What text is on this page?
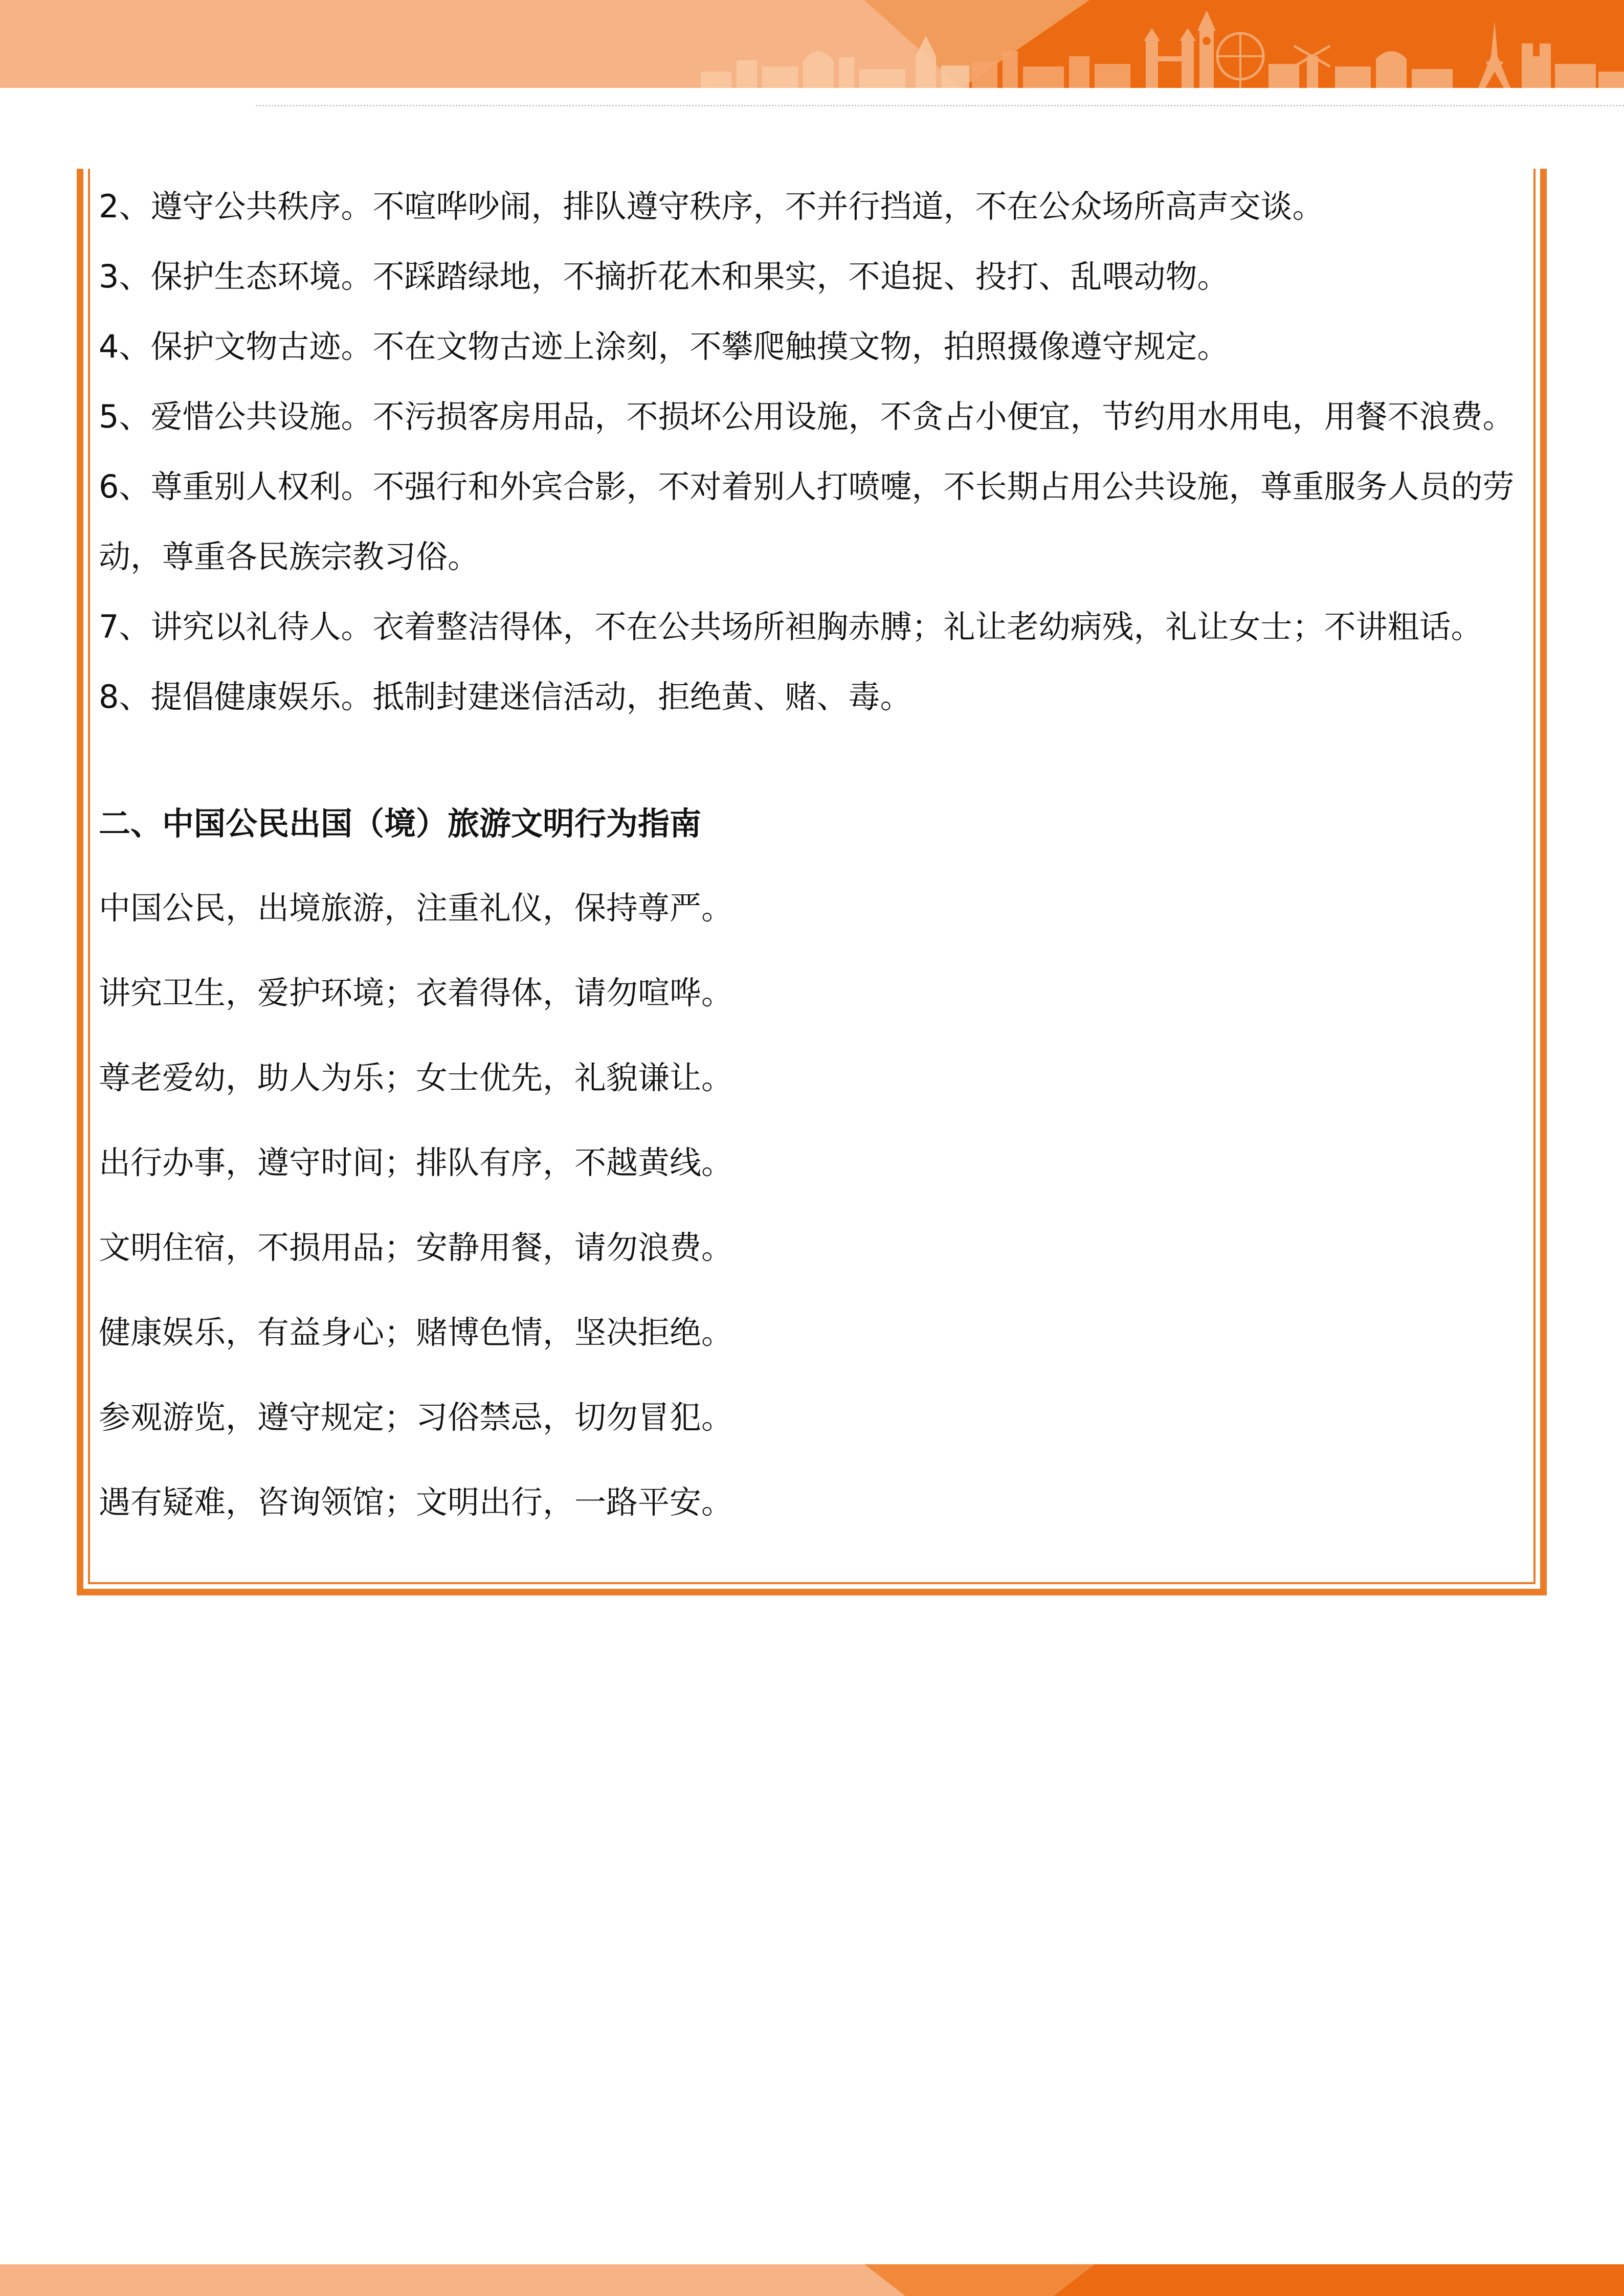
2、遵守公共秩序。不喧哗吵闹，排队遵守秩序，不并行挡道，不在公众场所高声交谈。
3、保护生态环境。不踩踏绿地，不摘折花木和果实，不追捉、投打、乱喂动物。
4、保护文物古迹。不在文物古迹上涂刻，不攀爬触摸文物，拍照摄像遵守规定。
5、爱惜公共设施。不污损客房用品，不损坏公用设施，不贪占小便宜，节约用水用电，用餐不浪费。
6、尊重别人权利。不强行和外宾合影，不对着别人打喷嚏，不长期占用公共设施，尊重服务人员的劳动，尊重各民族宗教习俗。
7、讲究以礼待人。衣着整洁得体，不在公共场所袒胸赤膊；礼让老幼病残，礼让女士；不讲粗话。
8、提倡健康娱乐。抵制封建迷信活动，拒绝黄、赌、毒。
二、中国公民出国（境）旅游文明行为指南
中国公民，出境旅游，注重礼仪，保持尊严。
讲究卫生，爱护环境；衣着得体，请勿喧哗。
尊老爱幼，助人为乐；女士优先，礼貌谦让。
出行办事，遵守时间；排队有序，不越黄线。
文明住宿，不损用品；安静用餐，请勿浪费。
健康娱乐，有益身心；赌博色情，坚决拒绝。
参观游览，遵守规定；习俗禁忌，切勿冒犯。
遇有疑难，咨询领馆；文明出行，一路平安。
